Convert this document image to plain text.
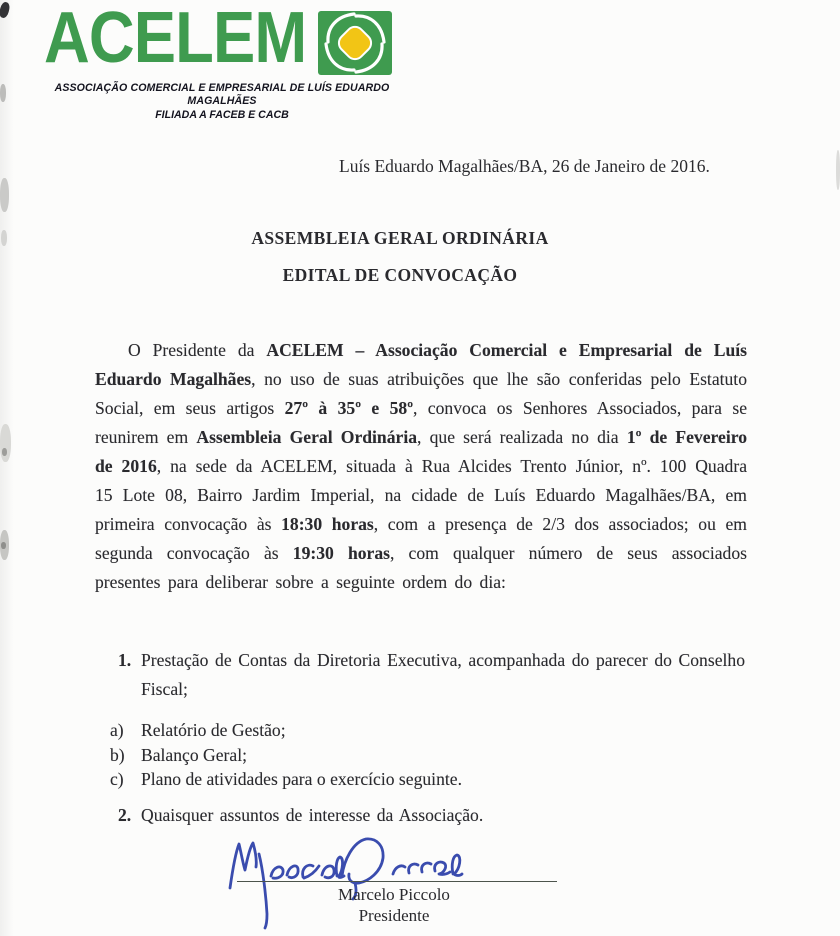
ACELEM
ASSOCIAÇÃO COMERCIAL E EMPRESARIAL DE LUÍS EDUARDO MAGALHÃES
FILIADA A FACEB E CACB
Luís Eduardo Magalhães/BA, 26 de Janeiro de 2016.
ASSEMBLEIA GERAL ORDINÁRIA
EDITAL DE CONVOCAÇÃO
O Presidente da ACELEM – Associação Comercial e Empresarial de Luís Eduardo Magalhães, no uso de suas atribuições que lhe são conferidas pelo Estatuto Social, em seus artigos 27º à 35º e 58º, convoca os Senhores Associados, para se reunirem em Assembleia Geral Ordinária, que será realizada no dia 1º de Fevereiro de 2016, na sede da ACELEM, situada à Rua Alcides Trento Júnior, nº. 100 Quadra 15 Lote 08, Bairro Jardim Imperial, na cidade de Luís Eduardo Magalhães/BA, em primeira convocação às 18:30 horas, com a presença de 2/3 dos associados; ou em segunda convocação às 19:30 horas, com qualquer número de seus associados presentes para deliberar sobre a seguinte ordem do dia:
1. Prestação de Contas da Diretoria Executiva, acompanhada do parecer do Conselho Fiscal;
a) Relatório de Gestão;
b) Balanço Geral;
c) Plano de atividades para o exercício seguinte.
2. Quaisquer assuntos de interesse da Associação.
Marcelo Piccolo
Presidente
